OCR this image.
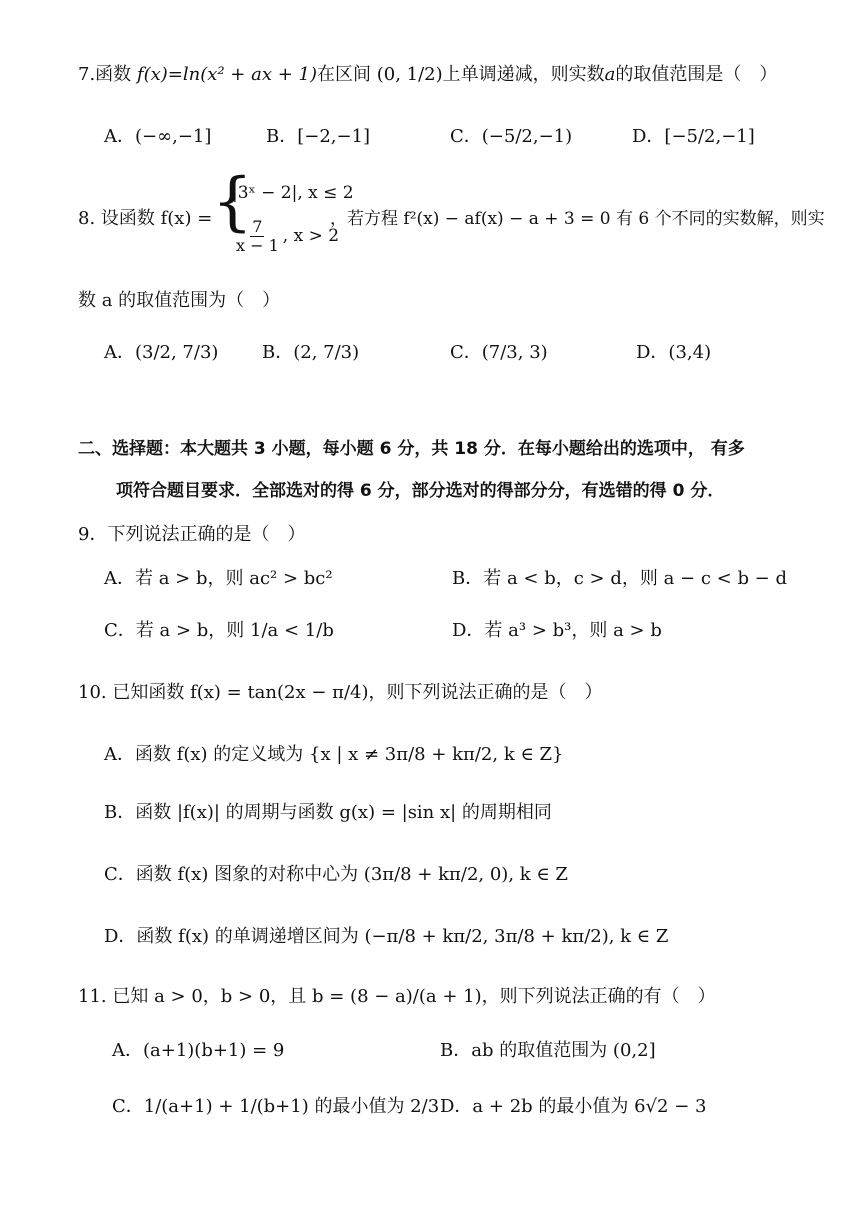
7.函数 f(x)=ln(x² + ax + 1)在区间 (0, 1/2)上单调递减，则实数a的取值范围是（　）
A．(−∞,−1]	B．[−2,−1]	C．(−5/2,−1)	D．[−5/2,−1]
8. 设函数 f(x) = {
|3ˣ − 2|, x ≤ 2
$\frac{7}{x - 1}$ , x > 2
，若方程 f²(x) − af(x) − a + 3 = 0 有 6 个不同的实数解，则实
数 a 的取值范围为（　）
A．(3/2, 7/3) B．(2, 7/3)	C．(7/3, 3)	D．(3,4)
二、选择题：本大题共 3 小题，每小题 6 分，共 18 分．在每小题给出的选项中， 有多
项符合题目要求．全部选对的得 6 分，部分选对的得部分分，有选错的得 0 分．
9．下列说法正确的是（　）
A．若 a > b，则 ac² > bc²	B．若 a < b，c > d，则 a − c < b − d
C．若 a > b，则 1/a < 1/b	D．若 a³ > b³，则 a > b
10. 已知函数 f(x) = tan(2x − π/4)，则下列说法正确的是（　）
A．函数 f(x) 的定义域为 {x | x ≠ 3π/8 + kπ/2, k ∈ Z}
B．函数 |f(x)| 的周期与函数 g(x) = |sin x| 的周期相同
C．函数 f(x) 图象的对称中心为 (3π/8 + kπ/2, 0), k ∈ Z
D．函数 f(x) 的单调递增区间为 (−π/8 + kπ/2, 3π/8 + kπ/2), k ∈ Z
11. 已知 a > 0，b > 0，且 b = (8 − a)/(a + 1)，则下列说法正确的有（　）
A．(a+1)(b+1) = 9	B．ab 的取值范围为 (0,2]
C．1/(a+1) + 1/(b+1) 的最小值为 2/3 D．a + 2b 的最小值为 6√2 − 3
